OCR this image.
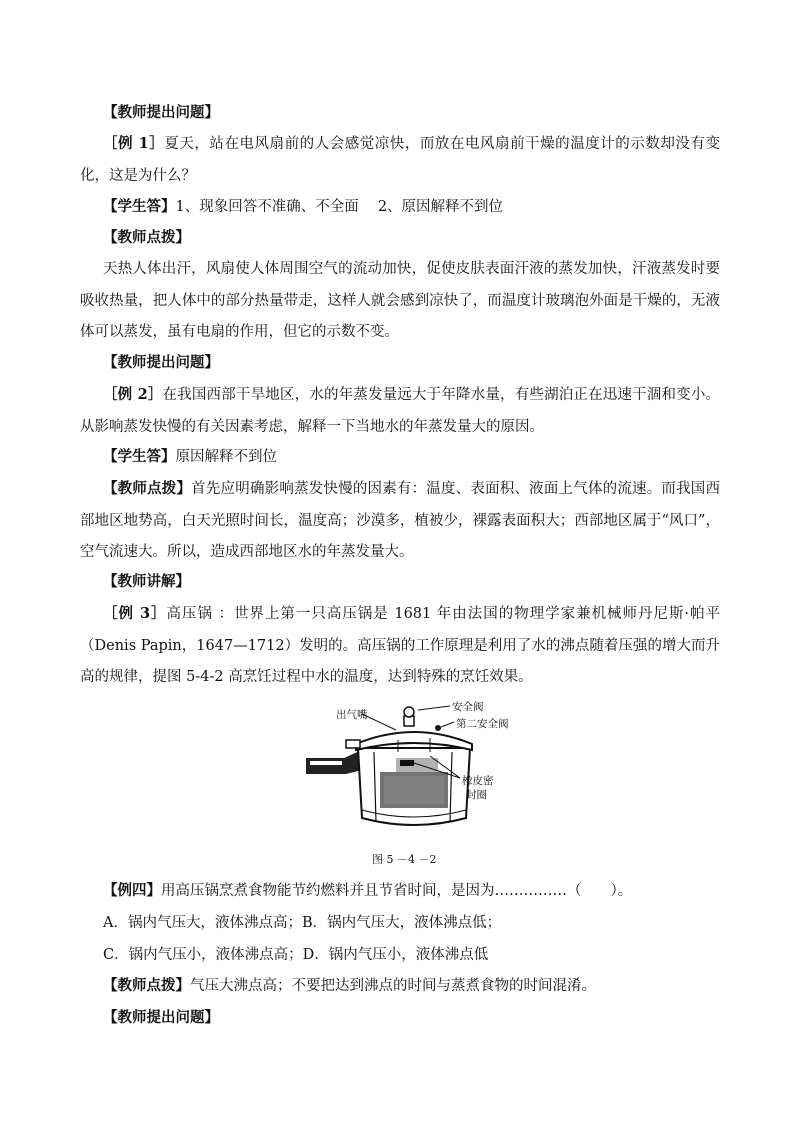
【教师提出问题】

［例 1］夏天，站在电风扇前的人会感觉凉快，而放在电风扇前干燥的温度计的示数却没有变化，这是为什么？

【学生答】1、现象回答不准确、不全面　 2、原因解释不到位
【教师点拨】

天热人体出汗，风扇使人体周围空气的流动加快，促使皮肤表面汗液的蒸发加快，汗液蒸发时要吸收热量，把人体中的部分热量带走，这样人就会感到凉快了，而温度计玻璃泡外面是干燥的，无液体可以蒸发，虽有电扇的作用，但它的示数不变。

【教师提出问题】

［例 2］在我国西部干旱地区，水的年蒸发量远大于年降水量，有些湖泊正在迅速干涸和变小。从影响蒸发快慢的有关因素考虑，解释一下当地水的年蒸发量大的原因。

【学生答】原因解释不到位

【教师点拨】首先应明确影响蒸发快慢的因素有：温度、表面积、液面上气体的流速。而我国西部地区地势高，白天光照时间长，温度高；沙漠多，植被少，裸露表面积大；西部地区属于“风口”，空气流速大。所以，造成西部地区水的年蒸发量大。

【教师讲解】

［例 3］高压锅 ：世界上第一只高压锅是 1681 年由法国的物理学家兼机械师丹尼斯·帕平（Denis Papin，1647—1712）发明的。高压锅的工作原理是利用了水的沸点随着压强的增大而升高的规律，提图 5-4-2 高烹饪过程中水的温度，达到特殊的烹饪效果。

出气嘴
安全阀
第二安全阀
橡皮密
封圈
图 5 －4 －2
【例四】用高压锅烹煮食物能节约燃料并且节省时间，是因为……………（　　）。
A．锅内气压大，液体沸点高；B．锅内气压大，液体沸点低；
C．锅内气压小，液体沸点高；D．锅内气压小，液体沸点低
【教师点拨】气压大沸点高；不要把达到沸点的时间与蒸煮食物的时间混淆。
【教师提出问题】
